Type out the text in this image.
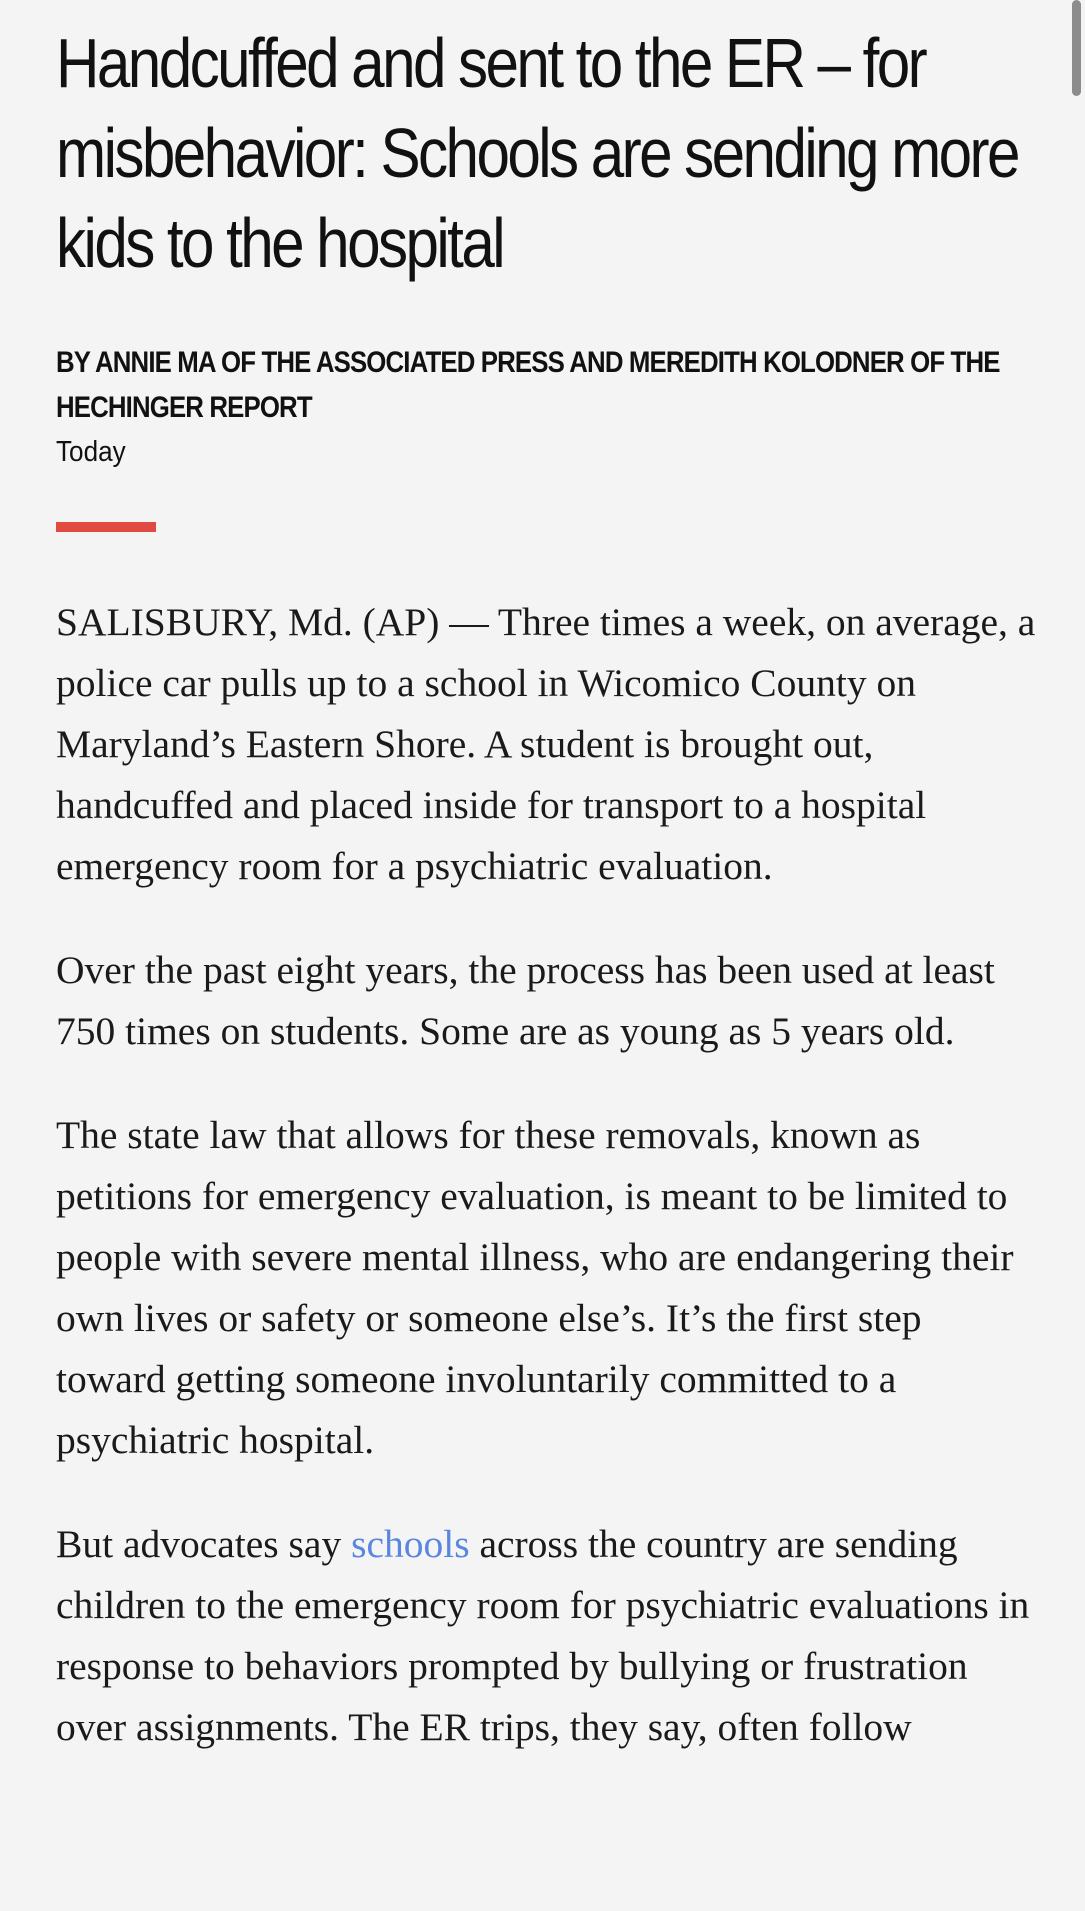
Handcuffed and sent to the ER – for misbehavior: Schools are sending more kids to the hospital
BY ANNIE MA OF THE ASSOCIATED PRESS AND MEREDITH KOLODNER OF THE HECHINGER REPORT
Today

SALISBURY, Md. (AP) — Three times a week, on average, a police car pulls up to a school in Wicomico County on Maryland’s Eastern Shore. A student is brought out, handcuffed and placed inside for transport to a hospital emergency room for a psychiatric evaluation.

Over the past eight years, the process has been used at least 750 times on students. Some are as young as 5 years old.

The state law that allows for these removals, known as petitions for emergency evaluation, is meant to be limited to people with severe mental illness, who are endangering their own lives or safety or someone else’s. It’s the first step toward getting someone involuntarily committed to a psychiatric hospital.

But advocates say schools across the country are sending children to the emergency room for psychiatric evaluations in response to behaviors prompted by bullying or frustration over assignments. The ER trips, they say, often follow
